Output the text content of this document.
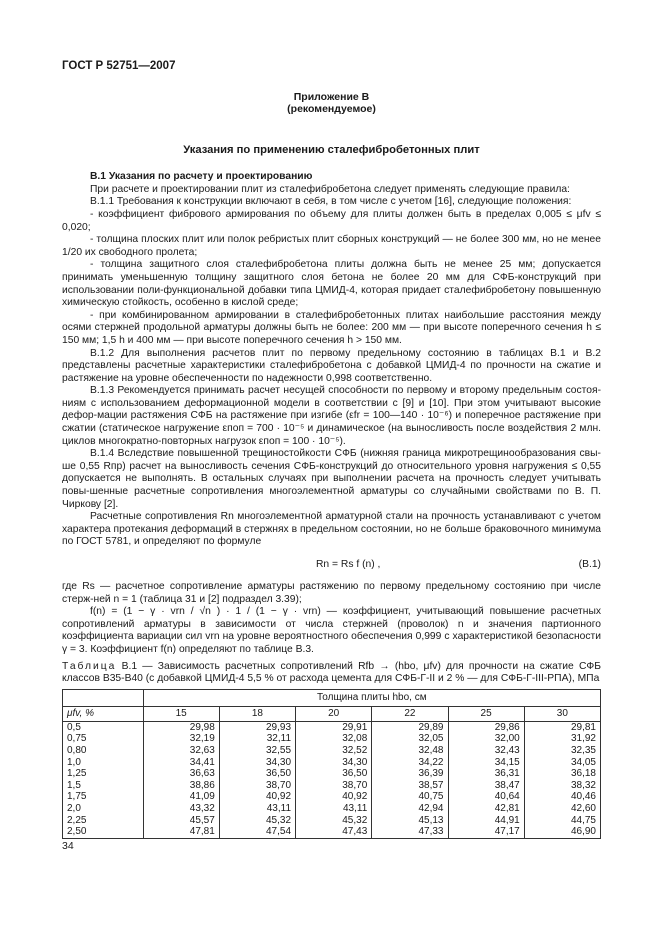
ГОСТ Р 52751—2007
Приложение В
(рекомендуемое)
Указания по применению сталефибробетонных плит
В.1 Указания по расчету и проектированию

При расчете и проектировании плит из сталефибробетона следует применять следующие правила:

В.1.1 Требования к конструкции включают в себя, в том числе с учетом [16], следующие положения:

- коэффициент фибрового армирования по объему для плиты должен быть в пределах 0,005 ≤ μfv ≤ 0,020;

- толщина плоских плит или полок ребристых плит сборных конструкций — не более 300 мм, но не менее 1/20 их свободного пролета;

- толщина защитного слоя сталефибробетона плиты должна быть не менее 25 мм; допускается принимать уменьшенную толщину защитного слоя бетона не более 20 мм для СФБ-конструкций при использовании поли-функциональной добавки типа ЦМИД-4, которая придает сталефибробетону повышенную химическую стойкость, особенно в кислой среде;

- при комбинированном армировании в сталефибробетонных плитах наибольшие расстояния между осями стержней продольной арматуры должны быть не более: 200 мм — при высоте поперечного сечения h ≤ 150 мм; 1,5 h и 400 мм — при высоте поперечного сечения h > 150 мм.

В.1.2 Для выполнения расчетов плит по первому предельному состоянию в таблицах В.1 и В.2 представлены расчетные характеристики сталефибробетона с добавкой ЦМИД-4 по прочности на сжатие и растяжение на уровне обеспеченности по надежности 0,998 соответственно.

В.1.3 Рекомендуется принимать расчет несущей способности по первому и второму предельным состоя-ниям с использованием деформационной модели в соответствии с [9] и [10]. При этом учитывают высокие дефор-мации растяжения СФБ на растяжение при изгибе (εfr = 100—140 · 10⁻⁶) и поперечное растяжение при сжатии (статическое нагружение εпоп = 700 · 10⁻⁵ и динамическое (на выносливость после воздействия 2 млн. циклов многократно-повторных нагрузок εпоп = 100 · 10⁻⁵).

В.1.4 Вследствие повышенной трещиностойкости СФБ (нижняя граница микротрещинообразования свы-ше 0,55 Rпр) расчет на выносливость сечения СФБ-конструкций до относительного уровня нагружения ≤ 0,55 допускается не выполнять. В остальных случаях при выполнении расчета на прочность следует учитывать повы-шенные расчетные сопротивления многоэлементной арматуры со случайными свойствами по В. П. Чиркову [2].

Расчетные сопротивления Rn многоэлементной арматурной стали на прочность устанавливают с учетом характера протекания деформаций в стержнях в предельном состоянии, но не больше браковочного минимума по ГОСТ 5781, и определяют по формуле

Rn = Rs f (n) ,	(В.1)

где Rs — расчетное сопротивление арматуры растяжению по первому предельному состоянию при числе стерж-ней n = 1 (таблица 31 и [2] подраздел 3.39);

f(n) = (1 − γ · vrn / √n ) · 1 / (1 − γ · vrn) — коэффициент, учитывающий повышение расчетных сопротивлений арматуры в зависимости от числа стержней (проволок) n и значения партионного коэффициента вариации сил vrn на уровне вероятностного обеспечения 0,999 с характеристикой безопасности γ = 3. Коэффициент f(n) определяют по таблице В.3.

Таблица В.1 — Зависимость расчетных сопротивлений Rfb → (hbo, μfv) для прочности на сжатие СФБ классов В35-В40 (с добавкой ЦМИД-4 5,5 % от расхода цемента для СФБ-Г-II и 2 % — для СФБ-Г-III-РПА), МПа
	Толщина плиты hbo, см					
μfv, %	15	18	20	22	25	30
0,5	29,98	29,93	29,91	29,89	29,86	29,81
0,75	32,19	32,11	32,08	32,05	32,00	31,92
0,80	32,63	32,55	32,52	32,48	32,43	32,35
1,0	34,41	34,30	34,30	34,22	34,15	34,05
1,25	36,63	36,50	36,50	36,39	36,31	36,18
1,5	38,86	38,70	38,70	38,57	38,47	38,32
1,75	41,09	40,92	40,92	40,75	40,64	40,46
2,0	43,32	43,11	43,11	42,94	42,81	42,60
2,25	45,57	45,32	45,32	45,13	44,91	44,75
2,50	47,81	47,54	47,43	47,33	47,17	46,90
34
